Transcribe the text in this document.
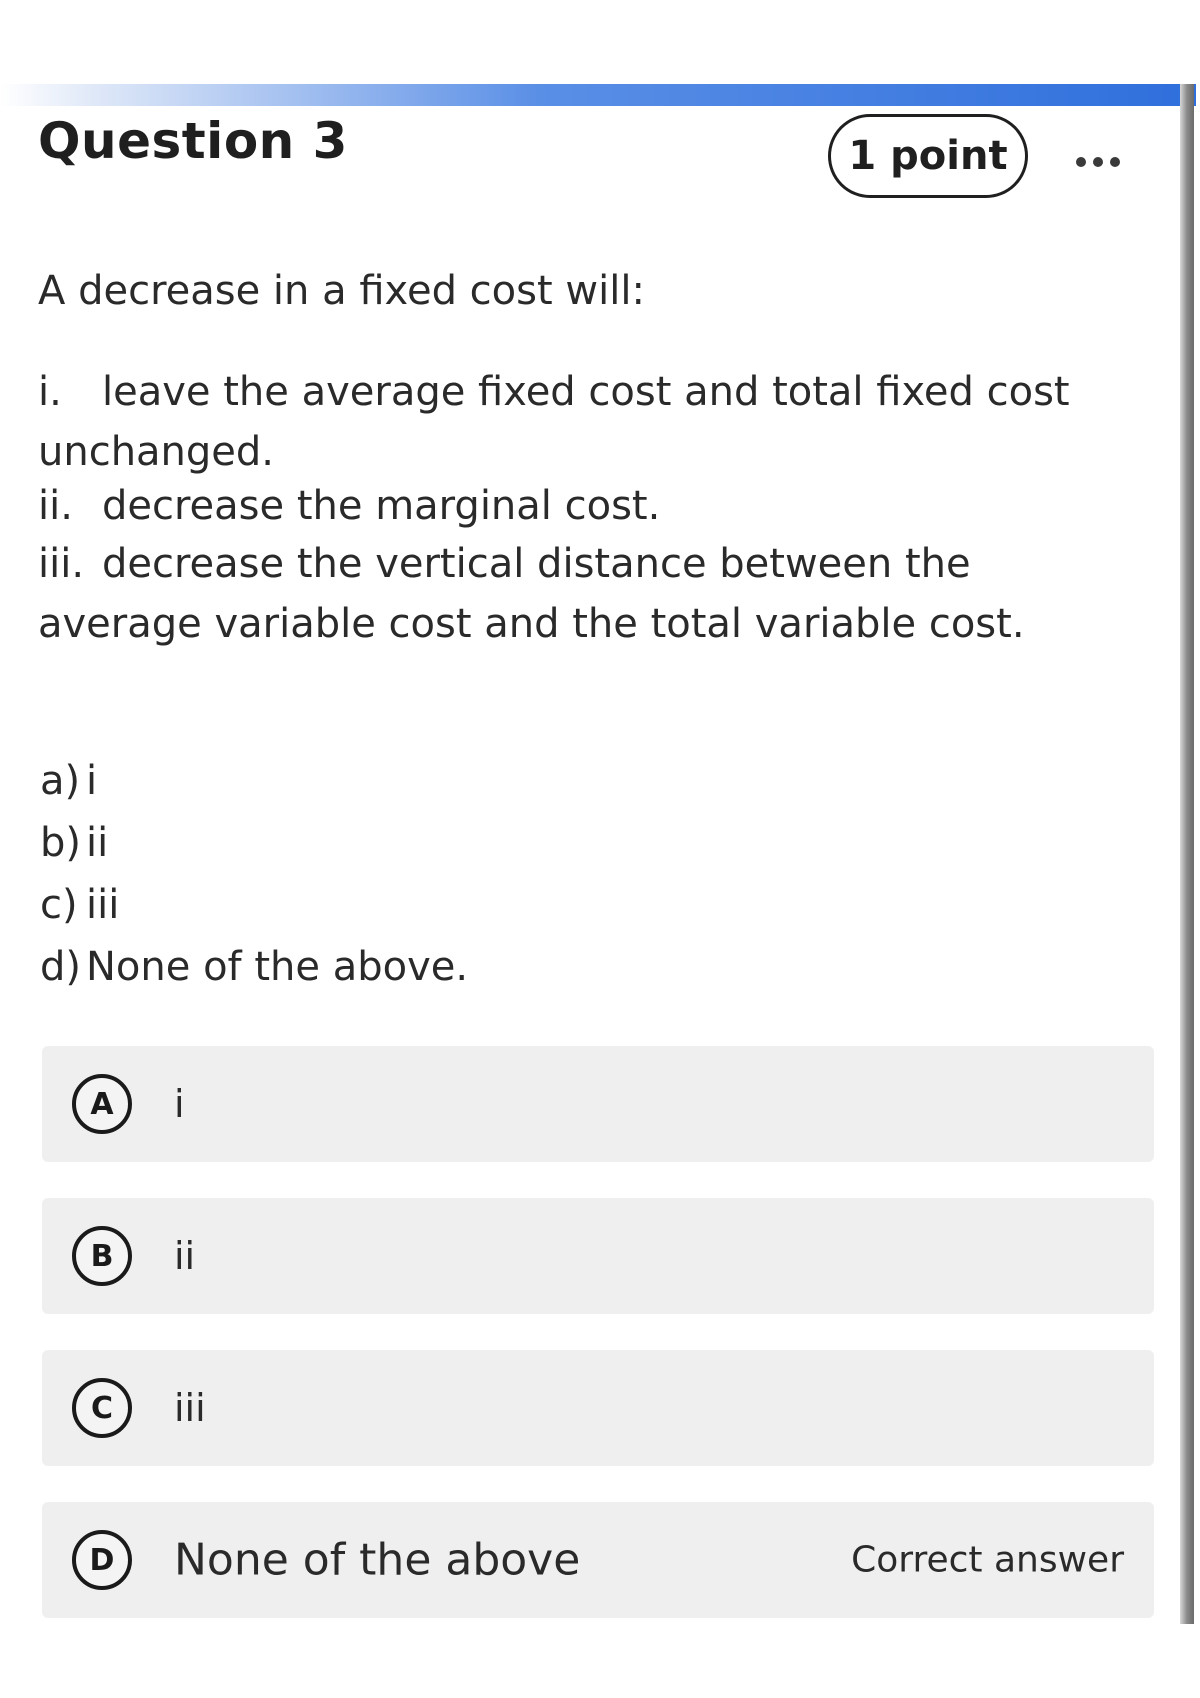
Question 3	1 point

A decrease in a fixed cost will:

i. leave the average fixed cost and total fixed cost
unchanged.
ii. decrease the marginal cost.
iii. decrease the vertical distance between the
average variable cost and the total variable cost.

a) i

b) ii

c) iii

d) None of the above.

A	i
B	ii
C	iii
D	None of the above	Correct answer
